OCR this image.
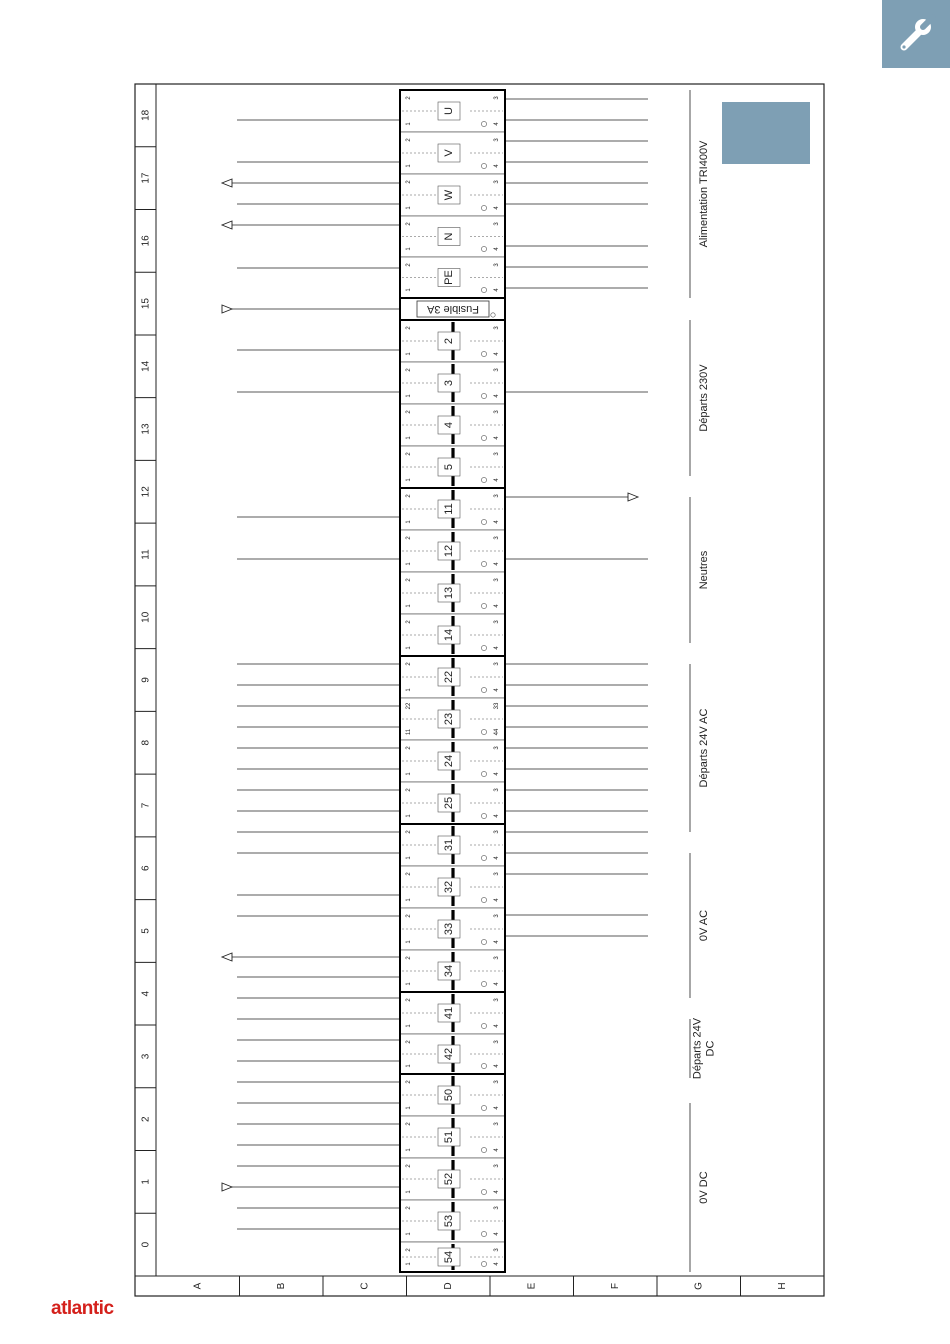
0
1
2
3
4
5
6
7
8
9
10
11
12
13
14
15
16
17
18
A	B	C	D	E	F	G	H
U
1
2	3
4
V
1
2	3
4
W
1
2	3
4
N
1
2	3
4
PE
1
2	3
4
Fusible 3A
2
1
2	3
4
3
1
2	3
4
4
1
2	3
4
5
1
2	3
4
11
1
2	3
4
12
1
2	3
4
13
1
2	3
4
14
1
2	3
4
22
1
2	3
4
23
11
22	33
44
24
1
2	3
4
25
1
2	3
4
31
1
2	3
4
32
1
2	3
4
33
1
2	3
4
34
1
2	3
4
41
1
2	3
4
42
1
2	3
4
50
1
2	3
4
51
1
2	3
4
52
1
2	3
4
53
1
2	3
4
54
1
2	3
4
Alimentation TRI400V
Départs 230V
Neutres
Départs 24V AC
0V AC
Départs 24VDC
0V DC
atlantic
